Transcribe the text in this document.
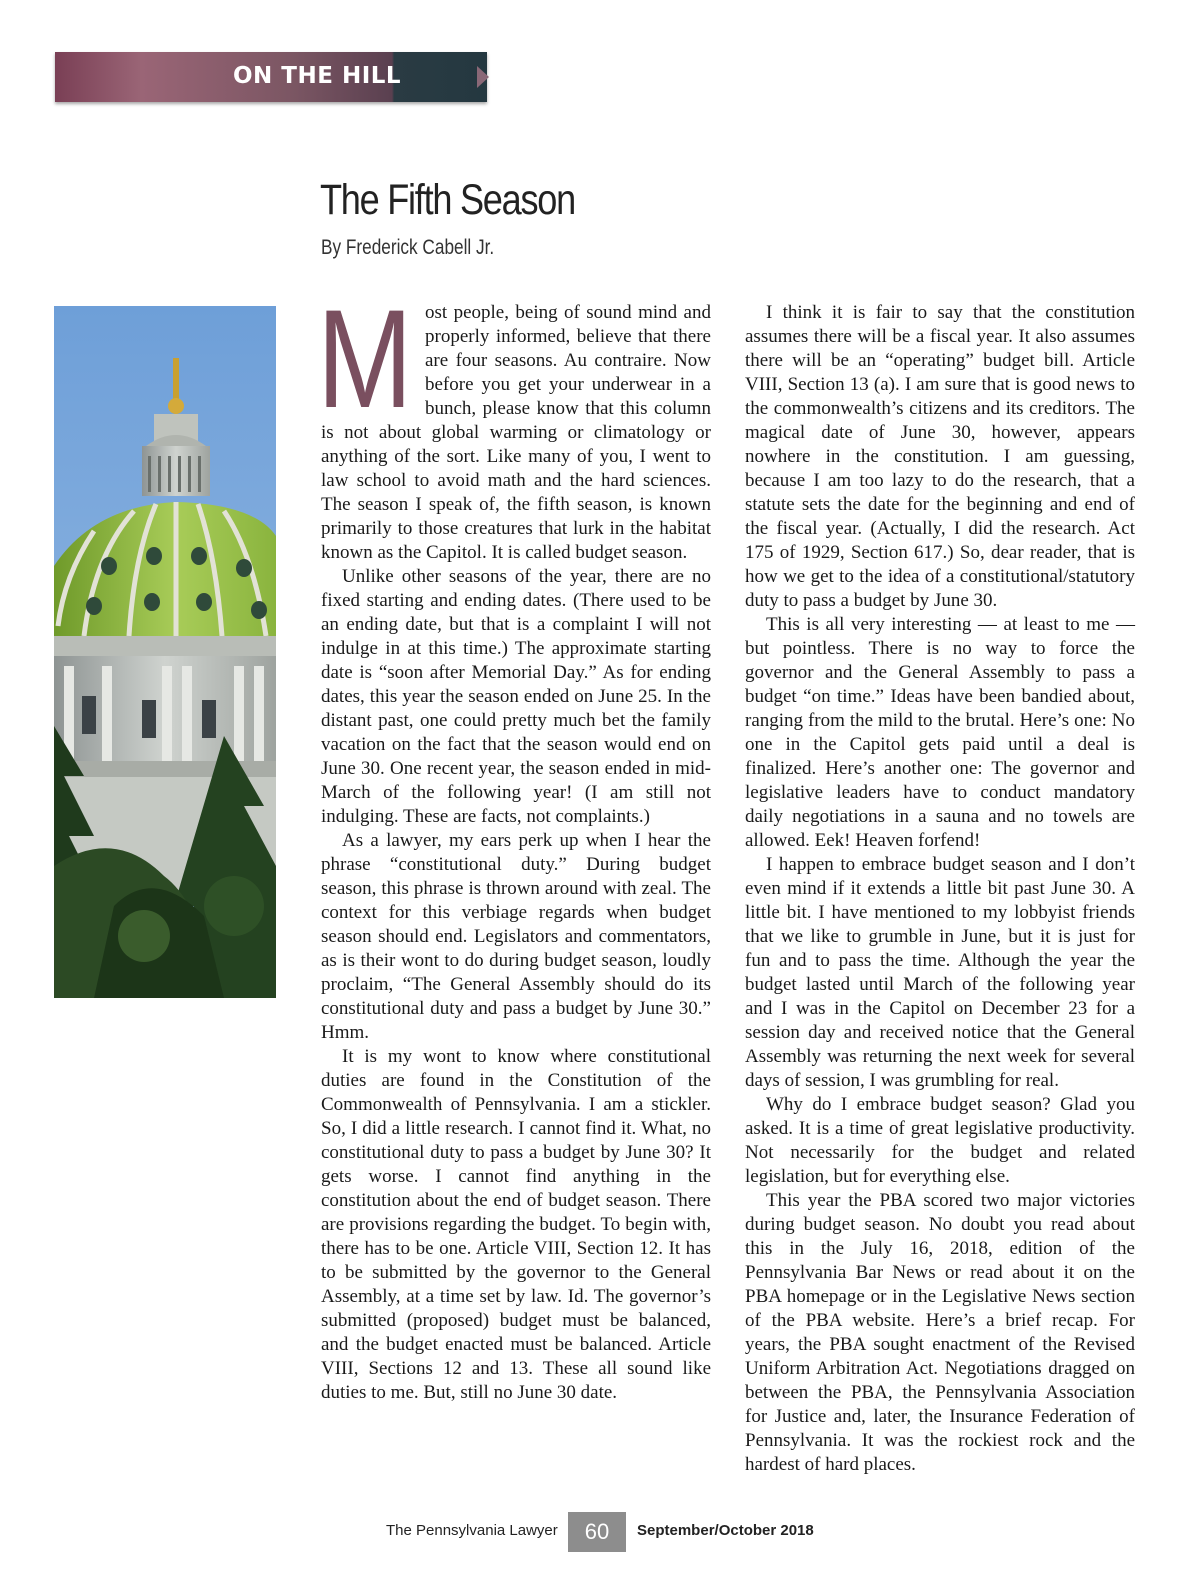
ON THE HILL
The Fifth Season
By Frederick Cabell Jr.

Most people, being of sound mind and properly informed, believe that there are four seasons. Au contraire. Now before you get your underwear in a bunch, please know that this column is not about global warming or climatology or anything of the sort. Like many of you, I went to law school to avoid math and the hard sciences. The season I speak of, the fifth season, is known primarily to those creatures that lurk in the habitat known as the Capitol. It is called budget season.

Unlike other seasons of the year, there are no fixed starting and ending dates. (There used to be an ending date, but that is a complaint I will not indulge in at this time.) The approximate starting date is “soon after Memorial Day.” As for ending dates, this year the season ended on June 25. In the distant past, one could pretty much bet the family vacation on the fact that the season would end on June 30. One recent year, the season ended in mid-March of the following year! (I am still not indulging. These are facts, not complaints.)

As a lawyer, my ears perk up when I hear the phrase “constitutional duty.” During budget season, this phrase is thrown around with zeal. The context for this verbiage regards when budget season should end. Legislators and commentators, as is their wont to do during budget season, loudly proclaim, “The General Assembly should do its constitutional duty and pass a budget by June 30.” Hmm.

It is my wont to know where constitutional duties are found in the Constitution of the Commonwealth of Pennsylvania. I am a stickler. So, I did a little research. I cannot find it. What, no constitutional duty to pass a budget by June 30? It gets worse. I cannot find anything in the constitution about the end of budget season. There are provisions regarding the budget. To begin with, there has to be one. Article VIII, Section 12. It has to be submitted by the governor to the General Assembly, at a time set by law. Id. The governor’s submitted (proposed) budget must be balanced, and the budget enacted must be balanced. Article VIII, Sections 12 and 13. These all sound like duties to me. But, still no June 30 date.

I think it is fair to say that the constitution assumes there will be a fiscal year. It also assumes there will be an “operating” budget bill. Article VIII, Section 13 (a). I am sure that is good news to the commonwealth’s citizens and its creditors. The magical date of June 30, however, appears nowhere in the constitution. I am guessing, because I am too lazy to do the research, that a statute sets the date for the beginning and end of the fiscal year. (Actually, I did the research. Act 175 of 1929, Section 617.) So, dear reader, that is how we get to the idea of a constitutional/statutory duty to pass a budget by June 30.

This is all very interesting — at least to me — but pointless. There is no way to force the governor and the General Assembly to pass a budget “on time.” Ideas have been bandied about, ranging from the mild to the brutal. Here’s one: No one in the Capitol gets paid until a deal is finalized. Here’s another one: The governor and legislative leaders have to conduct mandatory daily negotiations in a sauna and no towels are allowed. Eek! Heaven forfend!

I happen to embrace budget season and I don’t even mind if it extends a little bit past June 30. A little bit. I have mentioned to my lobbyist friends that we like to grumble in June, but it is just for fun and to pass the time. Although the year the budget lasted until March of the following year and I was in the Capitol on December 23 for a session day and received notice that the General Assembly was returning the next week for several days of session, I was grumbling for real.

Why do I embrace budget season? Glad you asked. It is a time of great legislative productivity. Not necessarily for the budget and related legislation, but for everything else.

This year the PBA scored two major victories during budget season. No doubt you read about this in the July 16, 2018, edition of the Pennsylvania Bar News or read about it on the PBA homepage or in the Legislative News section of the PBA website. Here’s a brief recap. For years, the PBA sought enactment of the Revised Uniform Arbitration Act. Negotiations dragged on between the PBA, the Pennsylvania Association for Justice and, later, the Insurance Federation of Pennsylvania. It was the rockiest rock and the hardest of hard places.

The Pennsylvania Lawyer	60	September/October 2018
